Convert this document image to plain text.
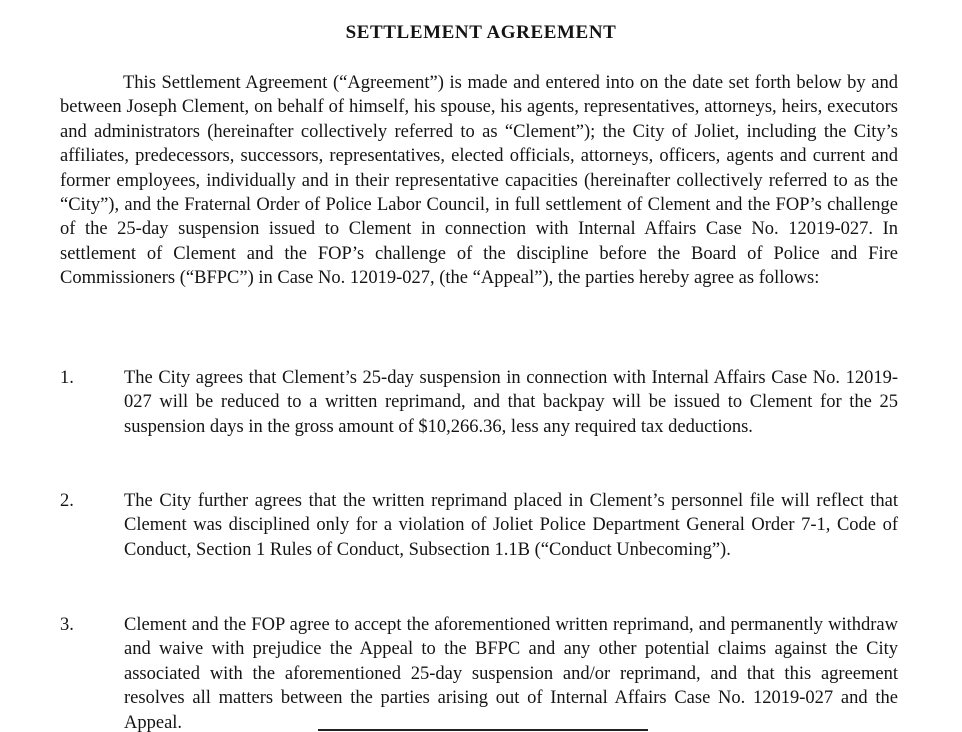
SETTLEMENT AGREEMENT

This Settlement Agreement (“Agreement”) is made and entered into on the date set forth below by and between Joseph Clement, on behalf of himself, his spouse, his agents, representatives, attorneys, heirs, executors and administrators (hereinafter collectively referred to as “Clement”); the City of Joliet, including the City’s affiliates, predecessors, successors, representatives, elected officials, attorneys, officers, agents and current and former employees, individually and in their representative capacities (hereinafter collectively referred to as the “City”), and the Fraternal Order of Police Labor Council, in full settlement of Clement and the FOP’s challenge of the 25-day suspension issued to Clement in connection with Internal Affairs Case No. 12019-027. In settlement of Clement and the FOP’s challenge of the discipline before the Board of Police and Fire Commissioners (“BFPC”) in Case No. 12019-027, (the “Appeal”), the parties hereby agree as follows:

1.	The City agrees that Clement’s 25-day suspension in connection with Internal Affairs Case No. 12019-027 will be reduced to a written reprimand, and that backpay will be issued to Clement for the 25 suspension days in the gross amount of $10,266.36, less any required tax deductions.

2.	The City further agrees that the written reprimand placed in Clement’s personnel file will reflect that Clement was disciplined only for a violation of Joliet Police Department General Order 7-1, Code of Conduct, Section 1 Rules of Conduct, Subsection 1.1B (“Conduct Unbecoming”).

3.	Clement and the FOP agree to accept the aforementioned written reprimand, and permanently withdraw and waive with prejudice the Appeal to the BFPC and any other potential claims against the City associated with the aforementioned 25-day suspension and/or reprimand, and that this agreement resolves all matters between the parties arising out of Internal Affairs Case No. 12019-027 and the Appeal.
